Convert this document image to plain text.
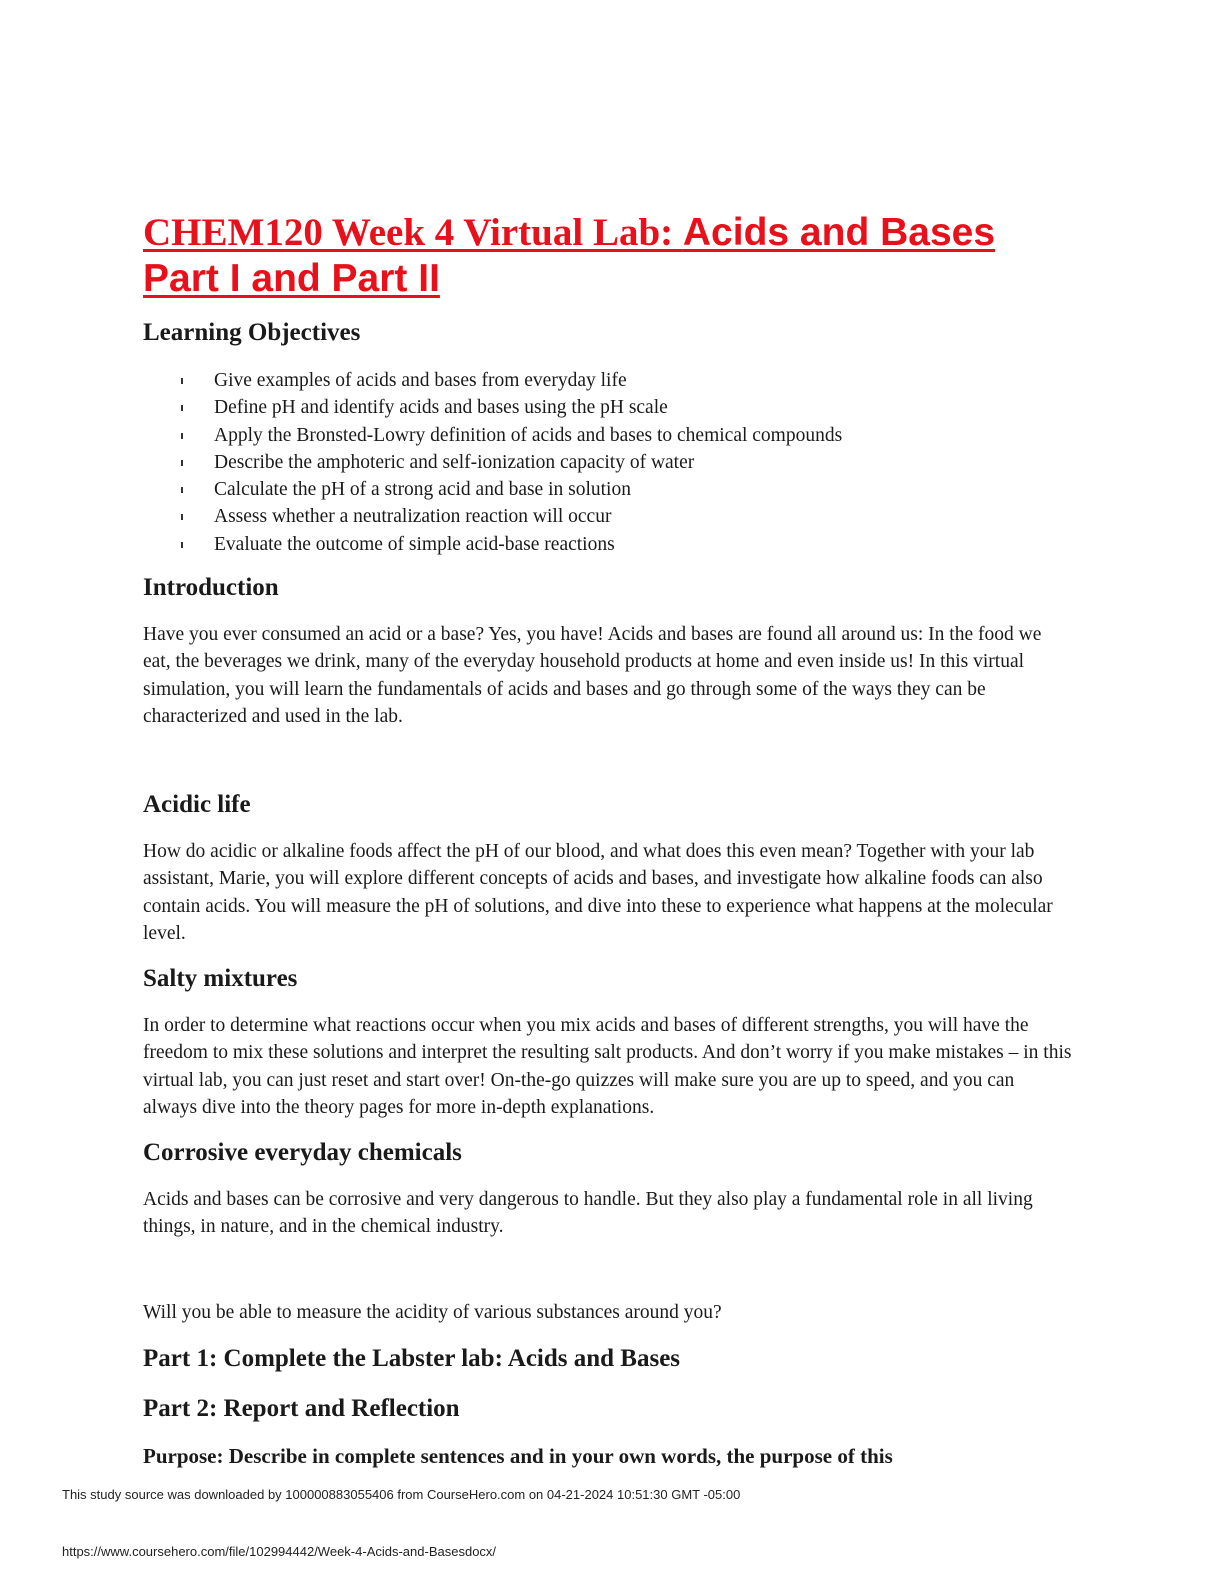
CHEM120 Week 4 Virtual Lab: Acids and Bases
Part I and Part II
Learning Objectives
Give examples of acids and bases from everyday life
Define pH and identify acids and bases using the pH scale
Apply the Bronsted-Lowry definition of acids and bases to chemical compounds
Describe the amphoteric and self-ionization capacity of water
Calculate the pH of a strong acid and base in solution
Assess whether a neutralization reaction will occur
Evaluate the outcome of simple acid-base reactions
Introduction

Have you ever consumed an acid or a base? Yes, you have! Acids and bases are found all around us: In the food we eat, the beverages we drink, many of the everyday household products at home and even inside us! In this virtual simulation, you will learn the fundamentals of acids and bases and go through some of the ways they can be characterized and used in the lab.

Acidic life

How do acidic or alkaline foods affect the pH of our blood, and what does this even mean? Together with your lab assistant, Marie, you will explore different concepts of acids and bases, and investigate how alkaline foods can also contain acids. You will measure the pH of solutions, and dive into these to experience what happens at the molecular level.

Salty mixtures

In order to determine what reactions occur when you mix acids and bases of different strengths, you will have the freedom to mix these solutions and interpret the resulting salt products. And don’t worry if you make mistakes – in this virtual lab, you can just reset and start over! On-the-go quizzes will make sure you are up to speed, and you can always dive into the theory pages for more in-depth explanations.

Corrosive everyday chemicals

Acids and bases can be corrosive and very dangerous to handle. But they also play a fundamental role in all living things, in nature, and in the chemical industry.

Will you be able to measure the acidity of various substances around you?

Part 1: Complete the Labster lab: Acids and Bases
Part 2: Report and Reflection

Purpose: Describe in complete sentences and in your own words, the purpose of this

This study source was downloaded by 100000883055406 from CourseHero.com on 04-21-2024 10:51:30 GMT -05:00

https://www.coursehero.com/file/102994442/Week-4-Acids-and-Basesdocx/
